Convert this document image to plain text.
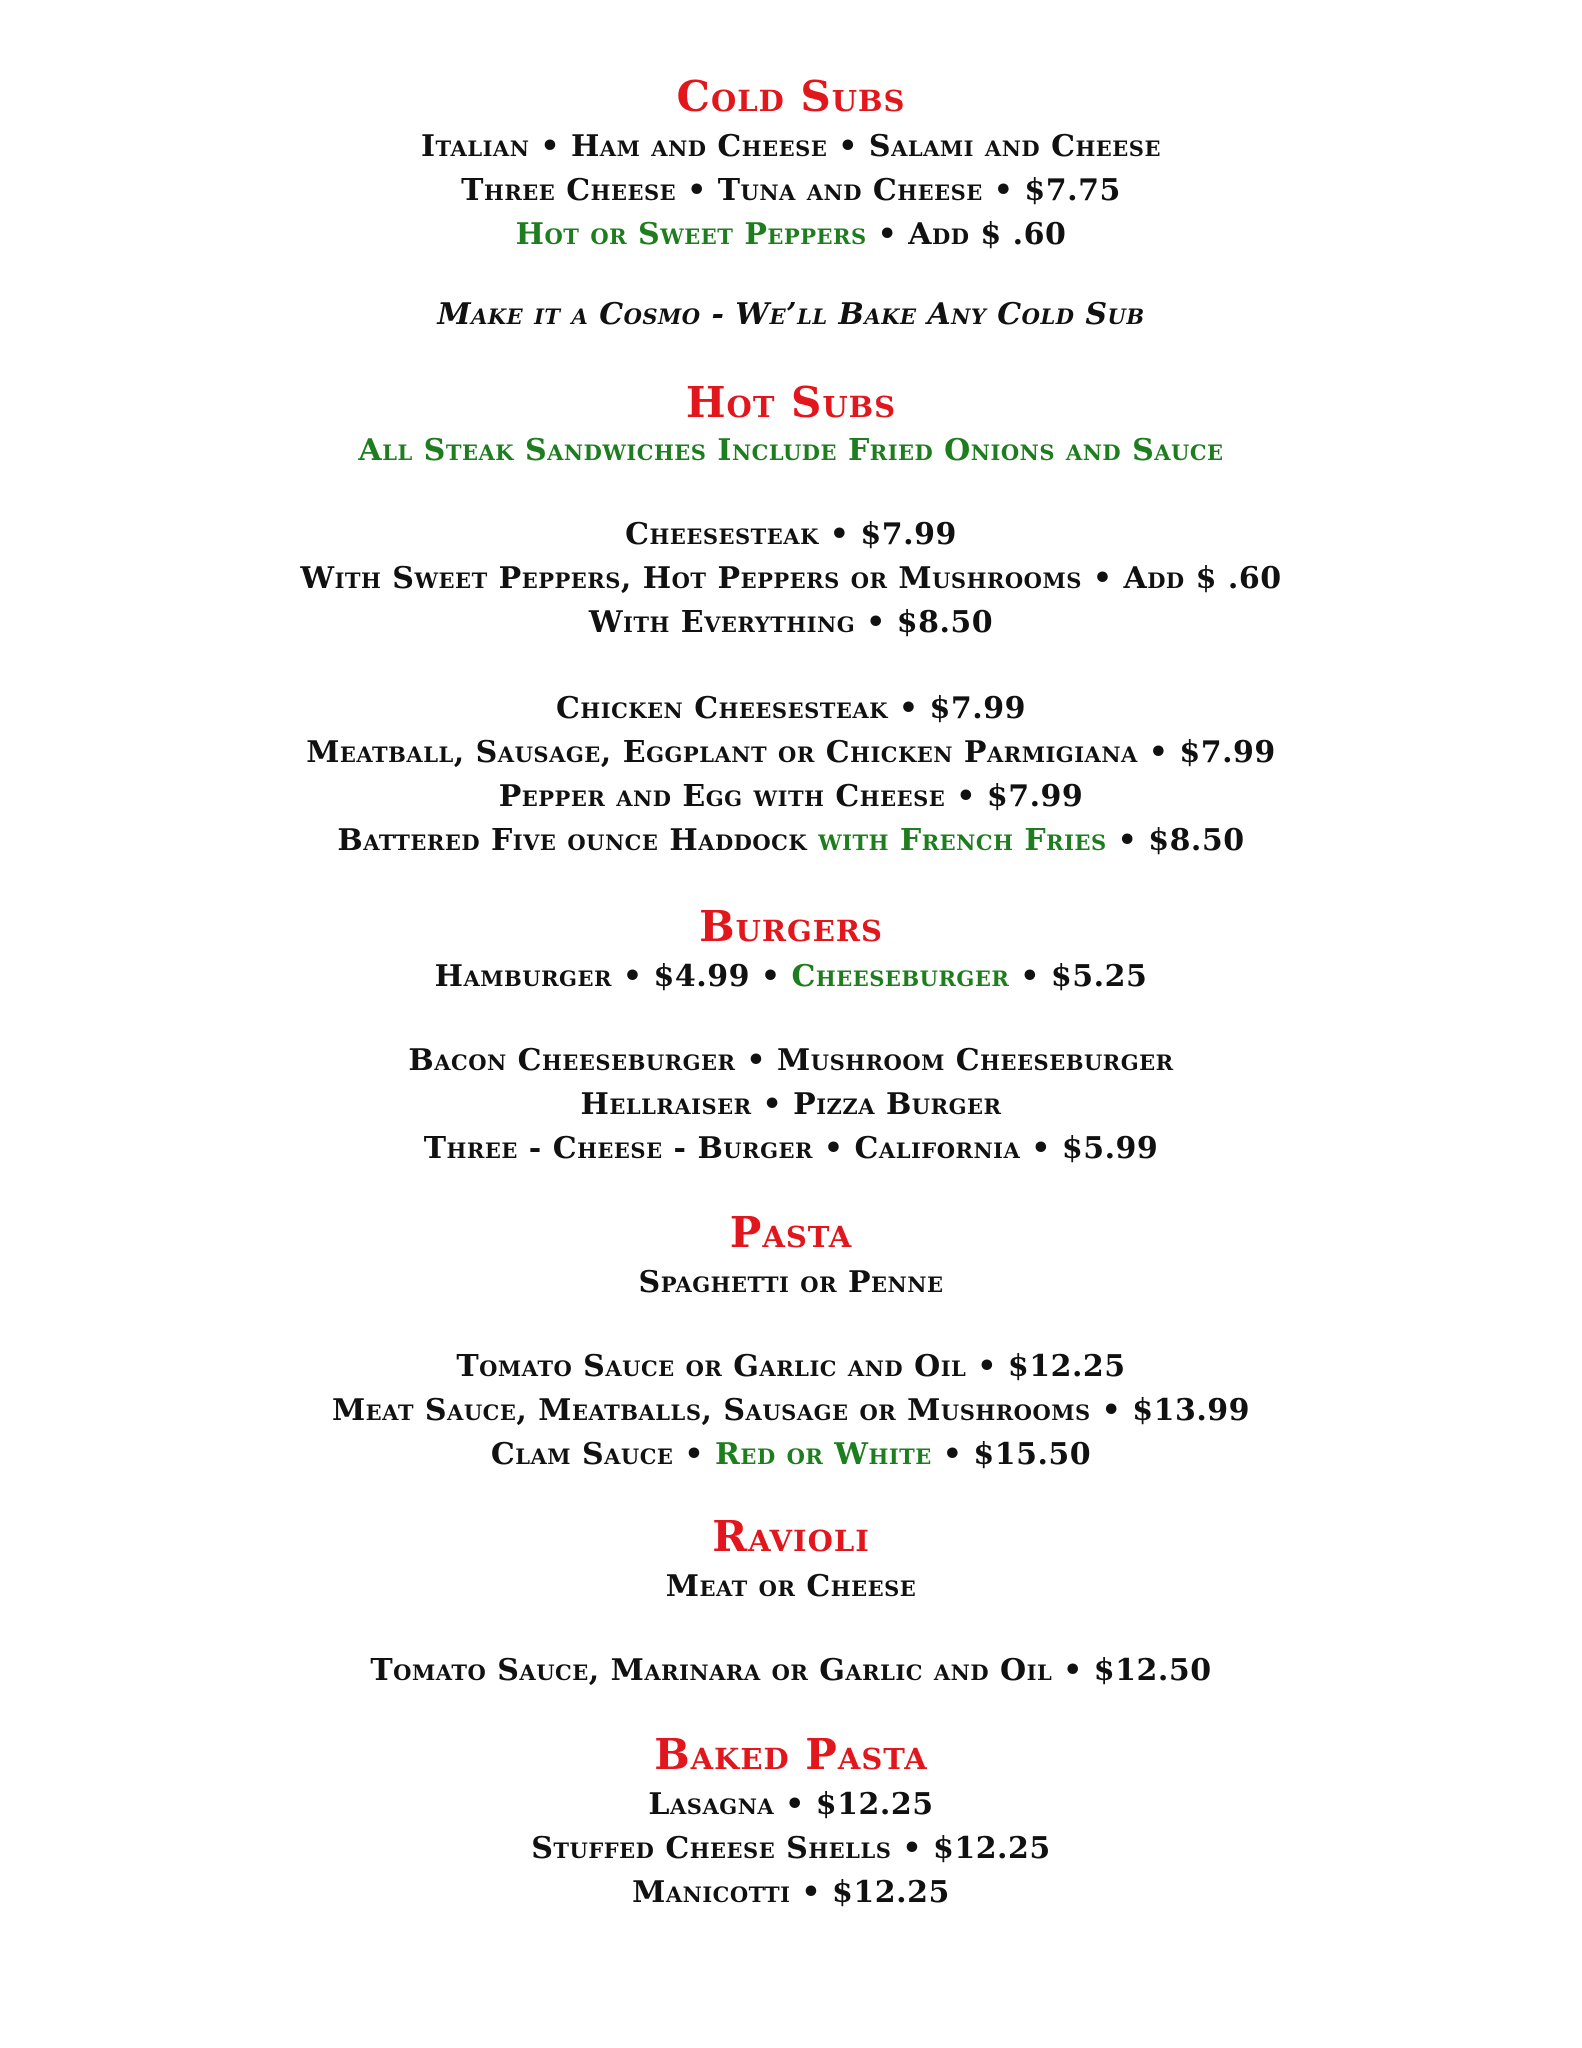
Cold Subs
Italian • Ham and Cheese • Salami and Cheese
Three Cheese • Tuna and Cheese • $7.75
Hot or Sweet Peppers • Add $ .60
Make it a Cosmo - We’ll Bake Any Cold Sub
Hot Subs
All Steak Sandwiches Include Fried Onions and Sauce
Cheesesteak • $7.99
With Sweet Peppers, Hot Peppers or Mushrooms • Add $ .60
With Everything • $8.50
Chicken Cheesesteak • $7.99
Meatball, Sausage, Eggplant or Chicken Parmigiana • $7.99
Pepper and Egg with Cheese • $7.99
Battered Five ounce Haddock with French Fries • $8.50
Burgers
Hamburger • $4.99 • Cheeseburger • $5.25
Bacon Cheeseburger • Mushroom Cheeseburger
Hellraiser • Pizza Burger
Three - Cheese - Burger • California • $5.99
Pasta
Spaghetti or Penne
Tomato Sauce or Garlic and Oil • $12.25
Meat Sauce, Meatballs, Sausage or Mushrooms • $13.99
Clam Sauce • Red or White • $15.50
Ravioli
Meat or Cheese
Tomato Sauce, Marinara or Garlic and Oil • $12.50
Baked Pasta
Lasagna • $12.25
Stuffed Cheese Shells • $12.25
Manicotti • $12.25
